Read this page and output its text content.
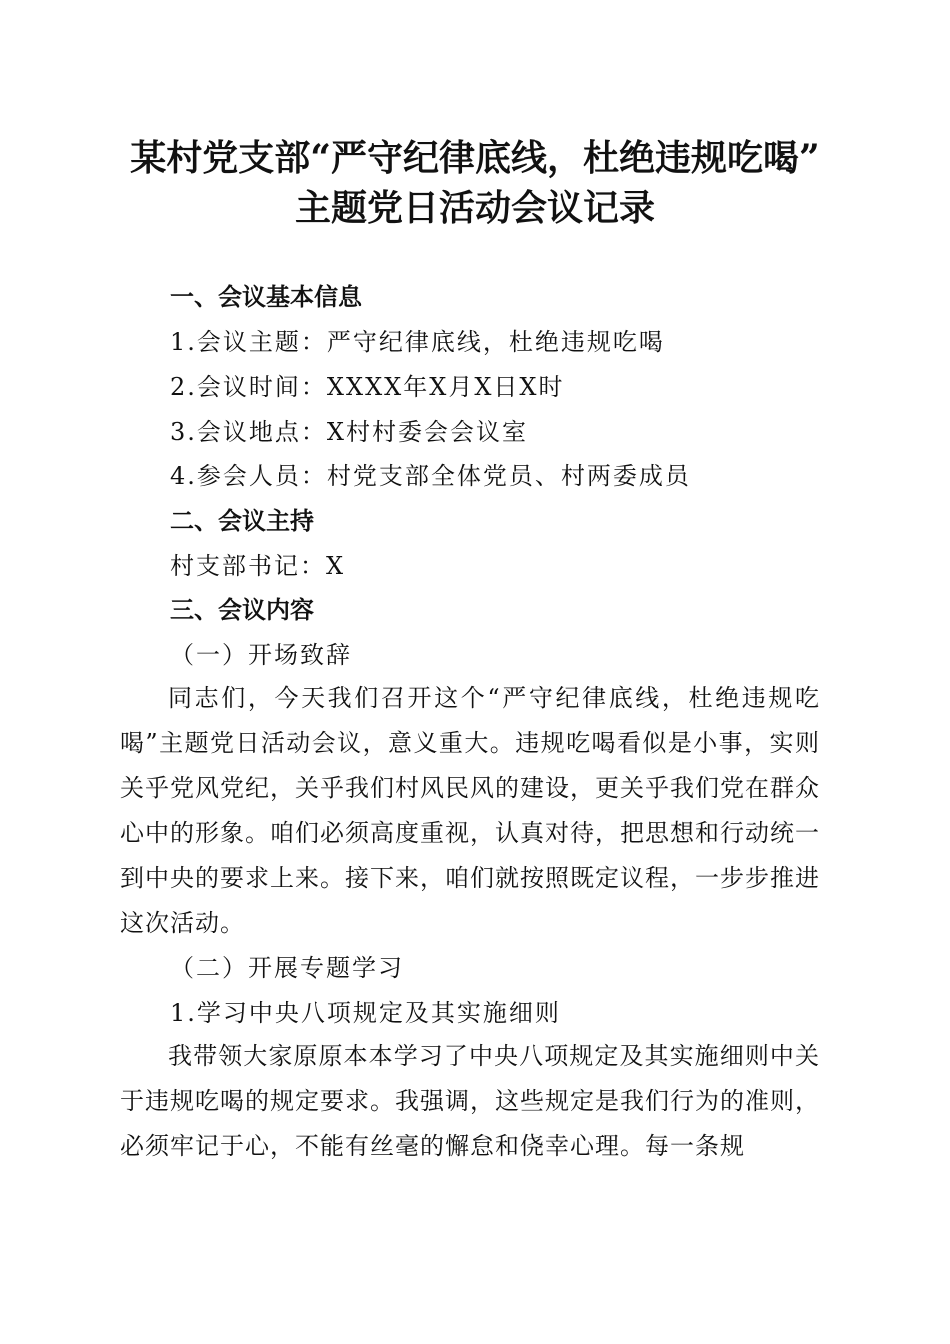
某村党支部“严守纪律底线，杜绝违规吃喝”
主题党日活动会议记录
一、会议基本信息
1.会议主题：严守纪律底线，杜绝违规吃喝
2.会议时间：XXXX年X月X日X时
3.会议地点：X村村委会会议室
4.参会人员：村党支部全体党员、村两委成员
二、会议主持
村支部书记：X
三、会议内容
（一）开场致辞

同志们，今天我们召开这个“严守纪律底线，杜绝违规吃喝”主题党日活动会议，意义重大。违规吃喝看似是小事，实则关乎党风党纪，关乎我们村风民风的建设，更关乎我们党在群众心中的形象。咱们必须高度重视，认真对待，把思想和行动统一到中央的要求上来。接下来，咱们就按照既定议程，一步步推进这次活动。

（二）开展专题学习
1.学习中央八项规定及其实施细则

我带领大家原原本本学习了中央八项规定及其实施细则中关于违规吃喝的规定要求。我强调，这些规定是我们行为的准则，必须牢记于心，不能有丝毫的懈怠和侥幸心理。每一条规
